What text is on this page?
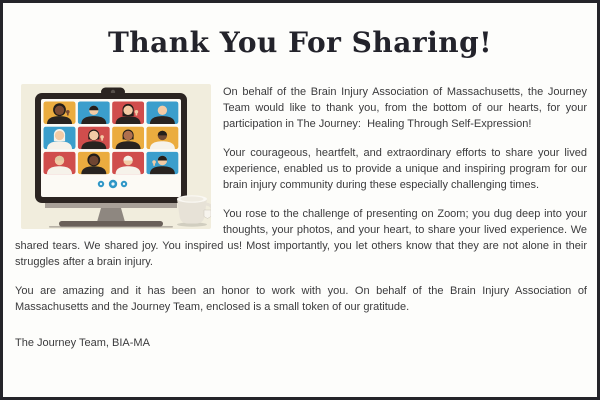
Thank You For Sharing!

On behalf of the Brain Injury Association of Massachusetts, the Journey Team would like to thank you, from the bottom of our hearts, for your participation in The Journey:  Healing Through Self-Expression!

Your courageous, heartfelt, and extraordinary efforts to share your lived experience, enabled us to provide a unique and inspiring program for our brain injury community during these especially challenging times.

You rose to the challenge of presenting on Zoom; you dug deep into your thoughts, your photos, and your heart, to share your lived experience. We shared tears. We shared joy. You inspired us! Most importantly, you let others know that they are not alone in their struggles after a brain injury.

You are amazing and it has been an honor to work with you. On behalf of the Brain Injury Association of Massachusetts and the Journey Team, enclosed is a small token of our gratitude.

The Journey Team, BIA-MA
